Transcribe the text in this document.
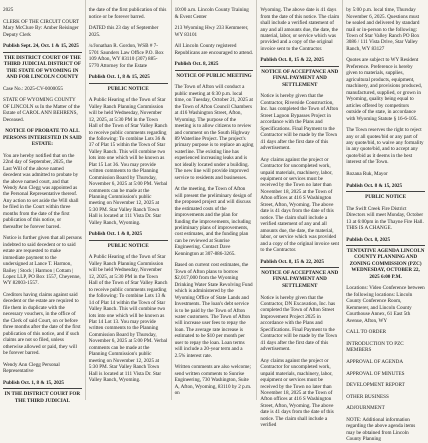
2025

CLERK OF THE CIRCUIT COURT Mary McClure By: Amber Reisinger Deputy Clerk

Publish Sept. 24, Oct. 1 & 15, 2025

THE DISTRICT COURT OF THE THIRD JUDICIAL DISTRICT OF THE STATE OF WYOMING IN AND FOR LINCOLN COUNTY

Case No.: 2025-CV-0000055

STATE OF WYOMING COUNTY OF LINCOLN ss In the Matter of the Estate of CAROL ANN BEHRENS, Deceased.

NOTICE OF PROBATE TO ALL PERSONS INTERESTED IN SAID ESTATE:

You are hereby notified that on the 22nd day of September, 2025, the Last Will of the above named decedent was admitted to probate by the above named court, and that Wendy Ann Clegg was appointed as the Personal Representative thereof. Any action to set aside the Will shall be filed in the Court within three months from the date of the first publication of this notice, or thereafter be forever barred.

Notice is further given that all persons indebted to said decedent or to said estate are requested to make immediate payment to the undersigned at Lance T. Harmon, Bailey | Stock | Harmon | Cottam | Lopez LLP, PO Box 1557, Cheyenne, WY 82003-1557.

Creditors having claims against said decedent or the estate are required to file them in duplicate with the necessary vouchers, in the office of the Clerk of said Court, on or before three months after the date of the first publication of this notice, and if such claims are not so filed, unless otherwise allowed or paid, they will be forever barred.

Wendy Ann Clegg Personal Representative

Publish Oct. 1, 8 & 15, 2025

IN THE DISTRICT COURT FOR THE THIRD JUDICIAL

the date of the first publication of this notice or be forever barred.

DATED this 23 day of September 2025.

/s/Jonathan R. Gordon, WSB # 7-5701 Saunders Law Office P.O. Box 109 Afton, WY 83110 (307) 885-5770 Attorney for the Estate

Publish Oct. 1, 8 & 15, 2025

PUBLIC NOTICE

A Public Hearing of the Town of Star Valley Ranch Planning Commission will be held Wednesday, November 12, 2025, at 5:30 PM in the Town Hall of the Town of Star Valley Ranch to receive public comments regarding the following: To combine Lots 36 & 37 of Plat 15 within the Town of Star Valley Ranch. This will combine two lots into one which will be known as Plat 15 Lot 36. You may provide written comments to the Planning Commission Board by Thursday, November 6, 2025 at 5:00 PM. Verbal comments can be made at the Planning Commission's public meeting on November 12, 2025 at 5:30 PM. Star Valley Ranch Town Hall is located at 111 Vista Dr. Star Valley Ranch, Wyoming.

Publish Oct. 1 & 8, 2025

PUBLIC NOTICE

A Public Hearing of the Town of Star Valley Ranch Planning Commission will be held Wednesday, November 12, 2025, at 5:30 PM in the Town Hall of the Town of Star Valley Ranch to receive public comments regarding the following: To combine Lots 13 & 14 of Plat 14 within the Town of Star Valley Ranch. This will combine two lots into one which will be known as Plat 14 Lot 13. You may provide written comments to the Planning Commission Board by Thursday, November 6, 2025 at 5:00 PM. Verbal comments can be made at the Planning Commission's public meeting on November 12, 2025 at 5:30 PM. Star Valley Ranch Town Hall is located at 111 Vista Dr. Star Valley Ranch, Wyoming.

10:00 a.m. Lincoln County Training & Event Center

213 Wyoming Hwy 233 Kemmerer, WY 83101

All Lincoln County registered Republicans are encouraged to attend.

Publish Oct. 8, 2025

NOTICE OF PUBLIC MEETING

The Town of Afton will conduct a public meeting at 6:30 p.m. local time, on Tuesday, October 21, 2025 at the Town of Afton Council Chambers at 416 Washington Street, Afton, Wyoming. The purpose of the meeting is to allow citizens to review and comment on the South Highway 89 Waterline Project. The project's primary purpose is to replace an aging waterline. The existing line has experienced increasing leaks and is not ideally located under a building. The new line will provide improved service to residents and businesses.

At the meeting, the Town of Afton will present the preliminary design of the proposed project and will discuss the estimated costs of the improvements and the plan for funding the improvements, including preliminary plans of improvements, cost estimates, and the funding plan can be reviewed at Sunrise Engineering. Contact Dave Kennington at 307-886-3265.

Based on current cost estimates, the Town of Afton plans to borrow $2,017,000 from the Wyoming Drinking Water State Revolving Fund which is administered by the Wyoming Office of State Lands and Investments. The loan's debt service is to be paid by the Town of Afton water customers. The Town of Afton will increase user fees to repay the loan. The average rate increase is estimated to be $10 per month per user to repay the loan. Loan terms will include a 20-year term and a 2.5% interest rate.

Written comments are also welcome; send written comments to Sunrise Engineering, 730 Washington, Suite A, Afton, Wyoming, 83110 by 2 p.m. on

Wyoming. The above date is 41 days from the date of this notice. The claim shall include a verified statement of any and all amounts due, the date, the material, labor, or service which was provided and a copy of the original invoice sent to the Contractor.

Publish Oct. 8, 15 & 22, 2025

NOTICE OF ACCEPTANCE AND FINAL PAYMENT AND SETTLEMENT

Notice is hereby given that the Contractor, Riverside Construction, Inc. has completed the Town of Afton Street Lagoon Bypasses Project in accordance with the Plans and Specifications. Final Payment to the Contractor will be made by the Town 41 days after the first date of this advertisement.

Any claims against the project or Contractor for uncompleted work, unpaid materials, machinery, labor, equipment or services must be received by the Town no later than November 18, 2025 at the Town of Afton offices at 416 S Washington Street, Afton, Wyoming. The above date is 41 days from the date of this notice. The claim shall include a verified statement of any and all amounts due, the date, the material, labor, or service which was provided and a copy of the original invoice sent to the Contractor.

Publish Oct. 8, 15 & 22, 2025

NOTICE OF ACCEPTANCE AND FINAL PAYMENT AND SETTLEMENT

Notice is hereby given that the Contractor, DN Excavation, Inc. has completed the Town of Afton Street Improvement Project 2025 in accordance with the Plans and Specifications. Final Payment to the Contractor will be made by the Town 41 days after the first date of this advertisement.

Any claims against the project or Contractor for uncompleted work, unpaid materials, machinery, labor, equipment or services must be received by the Town no later than November 18, 2025 at the Town of Afton offices at 416 S Washington Street, Afton, Wyoming. The above date is 41 days from the date of this notice. The claim shall include a verified

by 5:00 p.m. local time, Thursday November 6, 2025. Questions must be sealed and delivered by standard mail or in-person to the following: Town of Star Valley Ranch PO Box 3086 / 111 Vista Drive, Star Valley Ranch, WY 83127

Quotes are subject to WY Resident Preference. Preference is hereby given to materials, supplies, agricultural products, equipment, machinery, and provisions produced, manufactured, supplied, or grown in Wyoming, quality being equal to articles offered by competitors outside of the state, in accordance with Wyoming Statute § 16-6-105.

The Town reserves the right to reject any or all quotes/bid or any part of any quote/bid, to waive any formality in any quote/bid, and to accept any quote/bid as it deems in the best interest of the Town.

Rozana Ruk, Mayor

Publish Oct. 8 & 15, 2025

PUBLIC NOTICE

The Swift Creek Fire District Directors will meet Monday, October 13 at 6:00pm in the Thayne Fire Hall. THIS IS A CHANGE.

Publish Oct. 8, 2025

TENTATIVE AGENDA LINCOLN COUNTY PLANNING AND ZONING COMMISSION (PZC) WEDNESDAY, OCTOBER 22, 2025 6:00 P.M.

Locations: Video Conference between the following locations: Lincoln County Conference Room, Kemmerer, and Lincoln County Courthouse Annex, 61 East 5th Avenue, Afton, WY

CALL TO ORDER

INTRODUCTION TO PZC MEMBERS

APPROVAL OF AGENDA

APPROVAL OF MINUTES

DEVELOPMENT REPORT

OTHER BUSINESS

ADJOURNMENT

NOTE: Additional information regarding the above agenda items may be obtained from Lincoln County Planning
